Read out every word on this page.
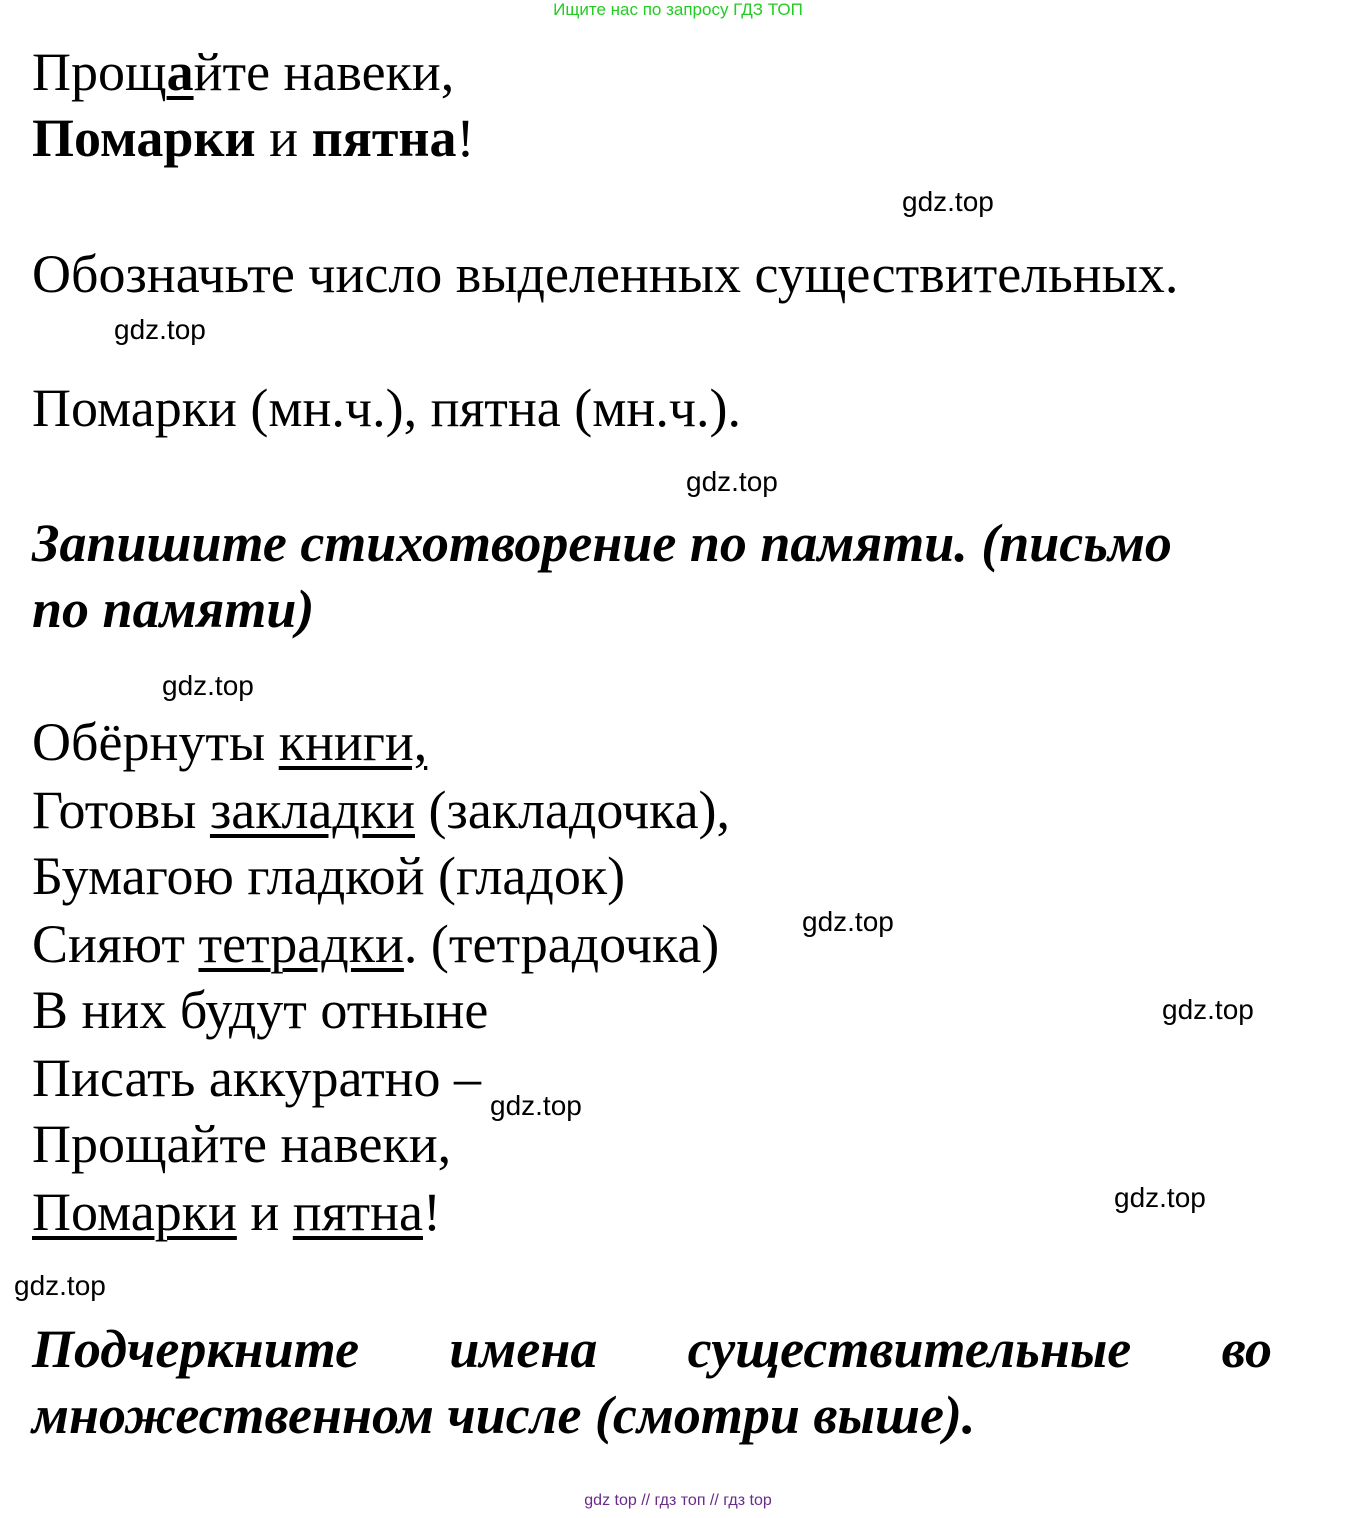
Ищите нас по запросу ГДЗ ТОП
Прощайте навеки,
Помарки и пятна!
gdz.top
Обозначьте число выделенных существительных.
gdz.top
Помарки (мн.ч.), пятна (мн.ч.).
gdz.top
Запишите стихотворение по памяти. (письмо
по памяти)
gdz.top
Обёрнуты книги,
Готовы закладки (закладочка),
Бумагою гладкой (гладок)
Сияют тетрадки. (тетрадочка)	gdz.top
В них будут отныне	gdz.top
Писать аккуратно – gdz.top
Прощайте навеки,
Помарки и пятна!	gdz.top
gdz.top
Подчеркните имена существительные во
множественном числе (смотри выше).
gdz top // гдз топ // гдз top
